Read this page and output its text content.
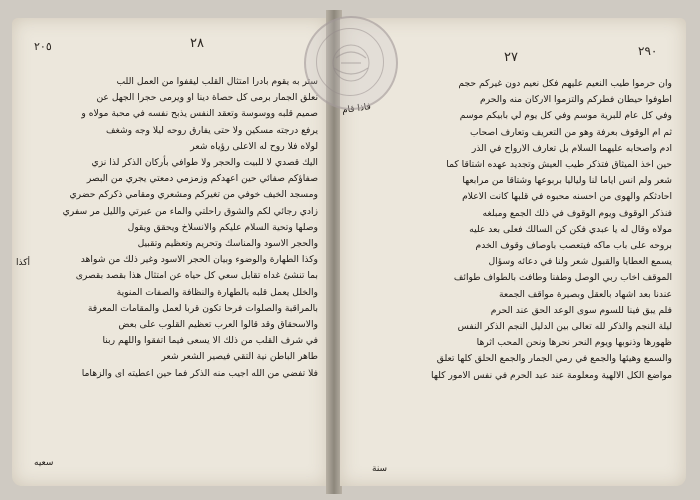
٢٨
٢٠٥
ستر به يقوم بادرا امتثال القلب ليقفوا من العمل اللب
نعلق الجمار برمى كل حصاة دينا او ويرمى حجرا الجهل عن
صميم قلبه ووسوسة وتعقد النفس يذبح نفسه في محبة مولاه و
يرفع درجته مسكين ولا حتى يفارق روحه ليلا وجه وشغف
لولاه فلا روح له الاعلى رؤياه شعر
اليك قصدي لا للبيت والحجر ولا طوافي بأركان الذكر لذا نزي
صفاؤكم صفائي حين اعهدكم وزمزمي دمعتي يجري من البصر
ومسجد الخيف خوفي من تغيركم ومشعري ومقامي ذكركم حضري
زادي رجائي لكم والشوق راحلتي والماء من عبرتي والليل مر سفري
وصلها وتحية السلام عليكم والانسلاخ ويحقق ويقول
والحجر الاسود والمناسك وتحريم وتعظيم وتقبيل
وكذا الطهارة والوضوء وبيان الحجر الاسود وغير ذلك من شواهد
بما تنشئ غداه تقابل سعي كل حياه عن امتثال هذا بقصد بقصرى
والخلل يعمل قلبه بالطهارة والنظافة والصفات المنوية
بالمراقبة والصلوات فرحا تكون قربا لعمل والمقامات المعرفة
والاسحقاق وقد قالوا العرب تعظيم القلوب على بعض
في شرف القلب من ذلك الا يسعى فيما اتفقوا واللهم ربنا
طاهر الباطن نية التقي فيصير الشعر شعر
فلا تفضي من الله اجيب منه الذكر فما حين اعطيته اى والزهاما
أكذا
سعيه
٢٧	٢٩٠
فاذا قام
وان حرموا طيب النعيم عليهم فكل نعيم دون غيركم حجم
اطوفوا حيطان فطركم والتزموا الاركان منه والحرم
وفي كل عام للبرية موسم وفي كل يوم لي بابيكم موسم
ثم ام الوقوف بعرفة وهو من التعريف وتعارف اصحاب
ادم واصحابه عليهما السلام بل تعارف الارواح في الذر
حين اخذ الميثاق فتذكر طيب العيش وتجديد عهده اشتاقا كما
شعر ولم انس اياما لنا ولياليا بربوعها وشتاقا من مرابعها
احادثكم والهوى من احسنه محبوه في قلبها كانت الاعلام
فنذكر الوقوف ويوم الوقوف في ذلك الجمع ومبلغه
مولاه وقال له يا عبدي فكن كن السالك فعلى بعد عليه
بروحه على باب ماكه فيتعصب باوصاف وقوف الخدم
يسمع العطايا والقبول شعر ولنا في دعائه وسؤال
الموقف اخاب ربي الوصل وطفنا وطافت بالطواف طوائف
عندنا بعد اشهاد بالعقل وبصيرة مواقف الجمعة
فلم يبق فينا للسوم سوى الوعد الحق عند الحرم
ليلة النجم والذكر لله تعالى بين الدليل النجم الذكر النفس
ظهورها وذنوبها ويوم النحر نحرها ونحن المحب اثرها
والسمع وهيئها والجمع في رمي الجمار والجمع الحلق كلها تعلق
مواضع الكل الالهية ومعلومة عند عبد الحرم في نفس الامور كلها
سنة
